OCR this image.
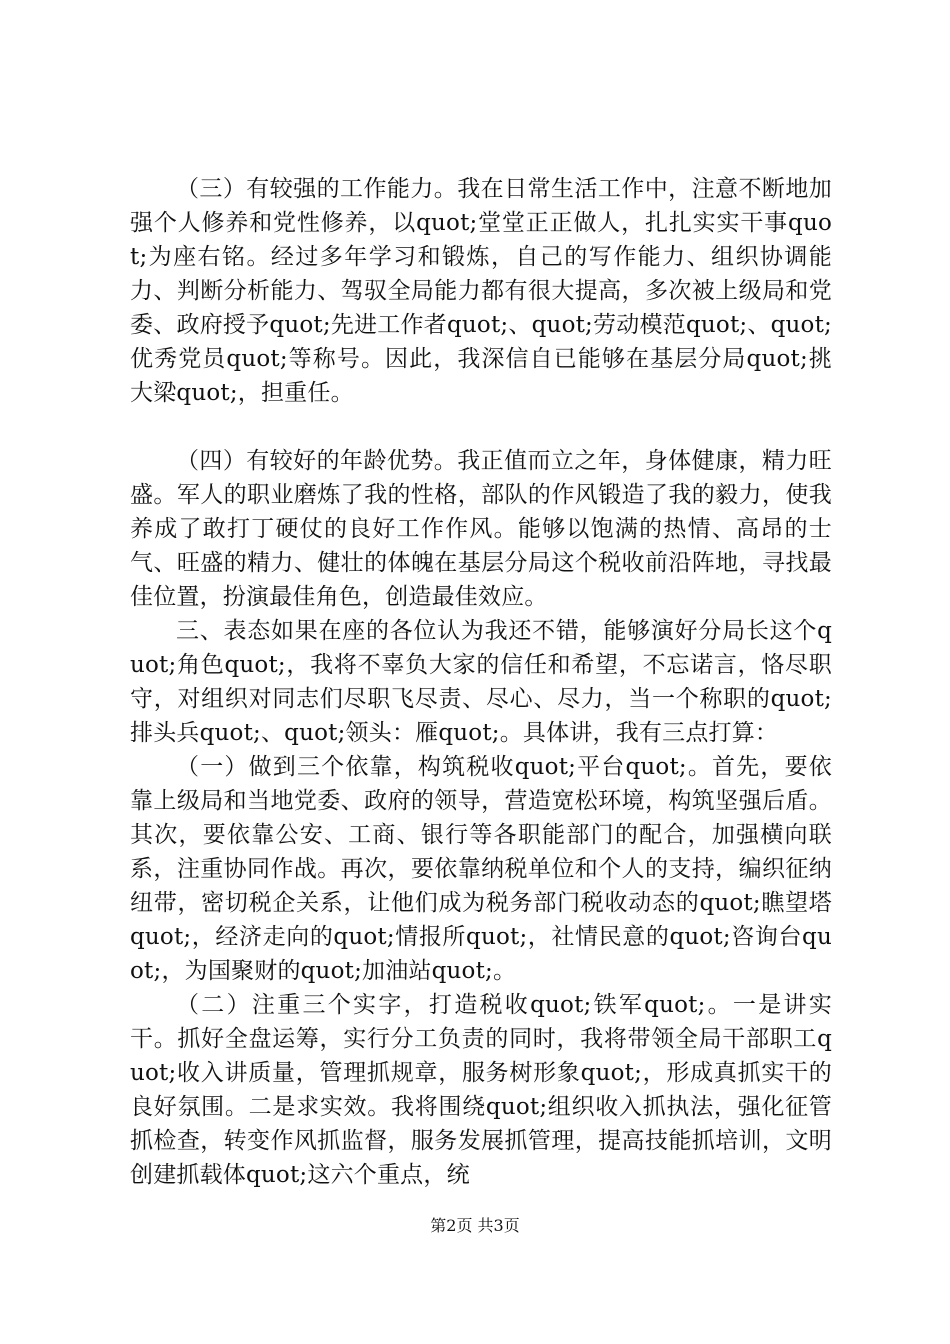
（三）有较强的工作能力。我在日常生活工作中，注意不断地加强个人修养和党性修养，以quot;堂堂正正做人，扎扎实实干事quot;为座右铭。经过多年学习和锻炼，自己的写作能力、组织协调能力、判断分析能力、驾驭全局能力都有很大提高，多次被上级局和党委、政府授予quot;先进工作者quot;、quot;劳动模范quot;、quot;优秀党员quot;等称号。因此，我深信自已能够在基层分局quot;挑大梁quot;，担重任。

（四）有较好的年龄优势。我正值而立之年，身体健康，精力旺盛。军人的职业磨炼了我的性格，部队的作风锻造了我的毅力，使我养成了敢打丁硬仗的良好工作作风。能够以饱满的热情、高昂的士气、旺盛的精力、健壮的体魄在基层分局这个税收前沿阵地，寻找最佳位置，扮演最佳角色，创造最佳效应。

三、表态如果在座的各位认为我还不错，能够演好分局长这个quot;角色quot;，我将不辜负大家的信任和希望，不忘诺言，恪尽职守，对组织对同志们尽职飞尽责、尽心、尽力，当一个称职的quot;排头兵quot;、quot;领头：雁quot;。具体讲，我有三点打算：

（一）做到三个依靠，构筑税收quot;平台quot;。首先，要依靠上级局和当地党委、政府的领导，营造宽松环境，构筑坚强后盾。其次，要依靠公安、工商、银行等各职能部门的配合，加强横向联系，注重协同作战。再次，要依靠纳税单位和个人的支持，编织征纳纽带，密切税企关系，让他们成为税务部门税收动态的quot;瞧望塔quot;，经济走向的quot;情报所quot;，社情民意的quot;咨询台quot;，为国聚财的quot;加油站quot;。

（二）注重三个实字，打造税收quot;铁军quot;。一是讲实干。抓好全盘运筹，实行分工负责的同时，我将带领全局干部职工quot;收入讲质量，管理抓规章，服务树形象quot;，形成真抓实干的良好氛围。二是求实效。我将围绕quot;组织收入抓执法，强化征管抓检查，转变作风抓监督，服务发展抓管理，提高技能抓培训，文明创建抓载体quot;这六个重点，统

第2页 共3页
